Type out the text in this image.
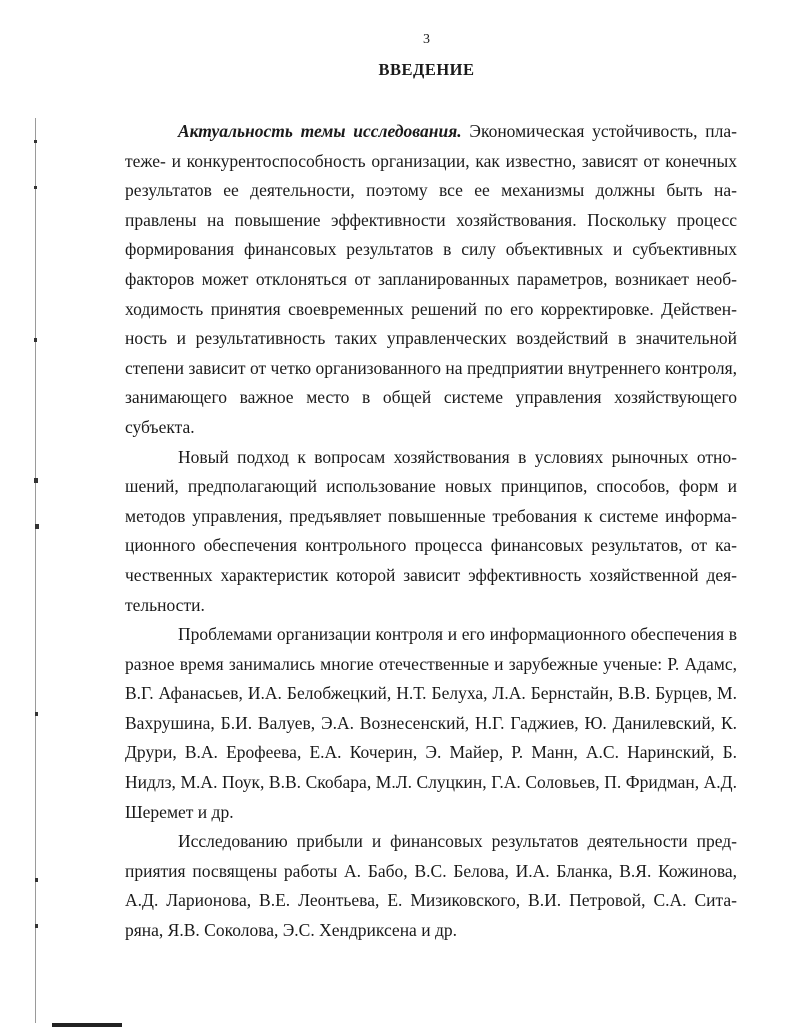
3
ВВЕДЕНИЕ

Актуальность темы исследования. Экономическая устойчивость, платеже- и конкурентоспособность организации, как известно, зависят от конечных результатов ее деятельности, поэтому все ее механизмы должны быть направлены на повышение эффективности хозяйствования. Поскольку процесс формирования финансовых результатов в силу объективных и субъективных факторов может отклоняться от запланированных параметров, возникает необходимость принятия своевременных решений по его корректировке. Действенность и результативность таких управленческих воздействий в значительной степени зависит от четко организованного на предприятии внутреннего контроля, занимающего важное место в общей системе управления хозяйствующего субъекта.

Новый подход к вопросам хозяйствования в условиях рыночных отношений, предполагающий использование новых принципов, способов, форм и методов управления, предъявляет повышенные требования к системе информационного обеспечения контрольного процесса финансовых результатов, от качественных характеристик которой зависит эффективность хозяйственной деятельности.

Проблемами организации контроля и его информационного обеспечения в разное время занимались многие отечественные и зарубежные ученые: Р. Адамс, В.Г. Афанасьев, И.А. Белобжецкий, Н.Т. Белуха, Л.А. Бернстайн, В.В. Бурцев, М. Вахрушина, Б.И. Валуев, Э.А. Вознесенский, Н.Г. Гаджиев, Ю. Данилевский, К. Друри, В.А. Ерофеева, Е.А. Кочерин, Э. Майер, Р. Манн, А.С. Наринский, Б. Нидлз, М.А. Поук, В.В. Скобара, М.Л. Слуцкин, Г.А. Соловьев, П. Фридман, А.Д. Шеремет и др.

Исследованию прибыли и финансовых результатов деятельности предприятия посвящены работы А. Бабо, В.С. Белова, И.А. Бланка, В.Я. Кожинова, А.Д. Ларионова, В.Е. Леонтьева, Е. Мизиковского, В.И. Петровой, С.А. Ситаряна, Я.В. Соколова, Э.С. Хендриксена и др.
